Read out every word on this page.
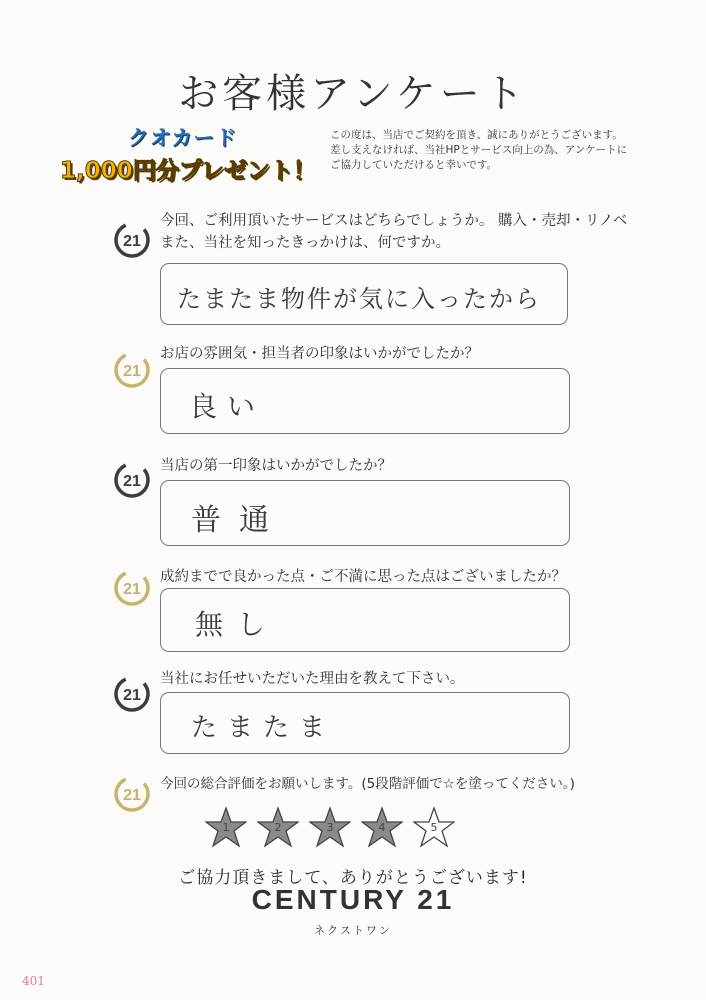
お客様アンケート
クオカード
1,000円分プレゼント！
この度は、当店でご契約を頂き、誠にありがとうございます。
差し支えなければ、当社HPとサービス向上の為、アンケートに
ご協力していただけると幸いです。
21
今回、ご利用頂いたサービスはどちらでしょうか。 購入・売却・リノベ
また、当社を知ったきっかけは、何ですか。
たまたま物件が気に入ったから
21
お店の雰囲気・担当者の印象はいかがでしたか？
良い
21
当店の第一印象はいかがでしたか？
普通
21
成約までで良かった点・ご不満に思った点はございましたか？
無し
21
当社にお任せいただいた理由を教えて下さい。
たまたま
21
今回の総合評価をお願いします。(5段階評価で☆を塗ってください。)
1	2	3	4	5
ご協力頂きまして、ありがとうございます!
CENTURY 21
ネクストワン
401
